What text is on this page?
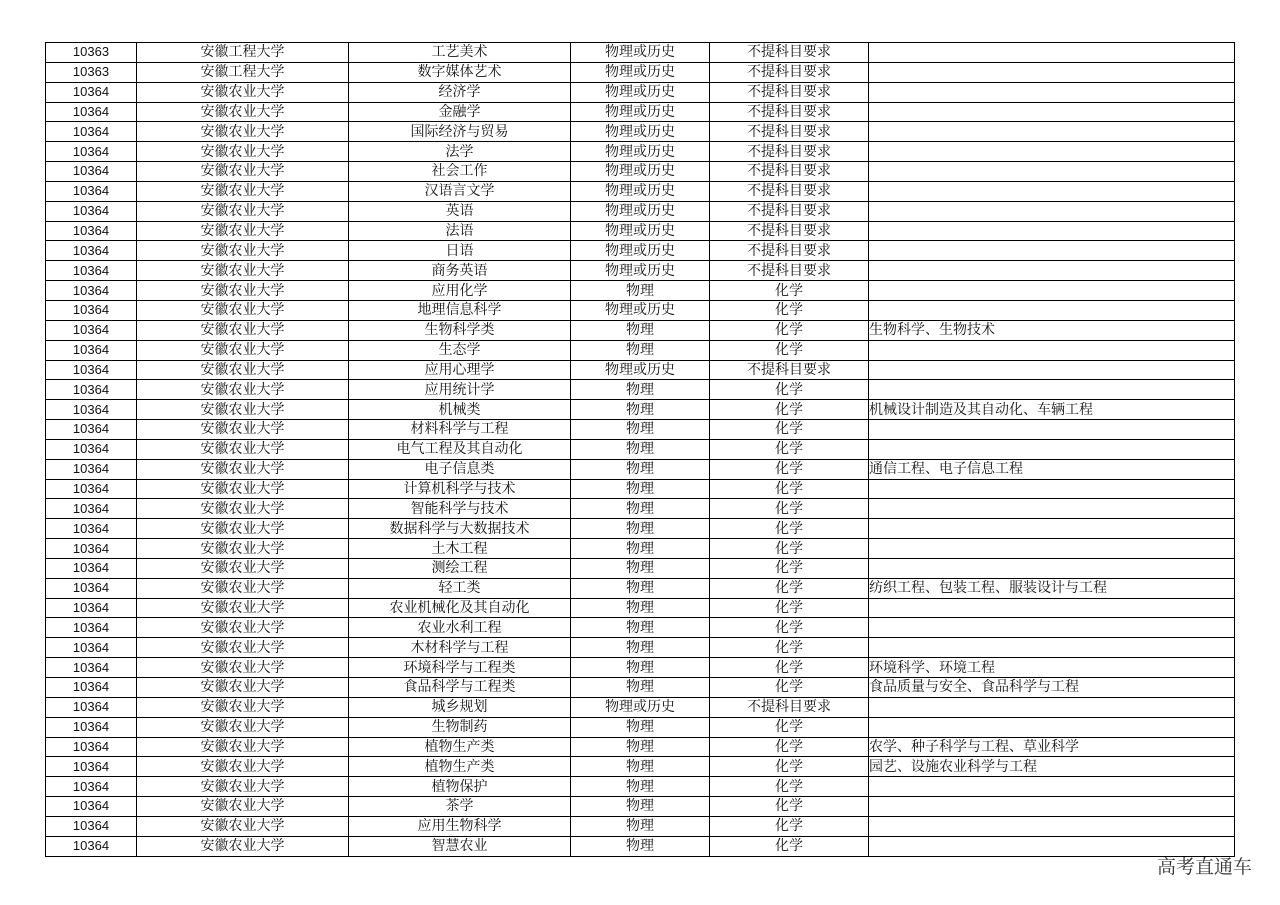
10363	安徽工程大学	工艺美术	物理或历史	不提科目要求	
10363	安徽工程大学	数字媒体艺术	物理或历史	不提科目要求	
10364	安徽农业大学	经济学	物理或历史	不提科目要求	
10364	安徽农业大学	金融学	物理或历史	不提科目要求	
10364	安徽农业大学	国际经济与贸易	物理或历史	不提科目要求	
10364	安徽农业大学	法学	物理或历史	不提科目要求	
10364	安徽农业大学	社会工作	物理或历史	不提科目要求	
10364	安徽农业大学	汉语言文学	物理或历史	不提科目要求	
10364	安徽农业大学	英语	物理或历史	不提科目要求	
10364	安徽农业大学	法语	物理或历史	不提科目要求	
10364	安徽农业大学	日语	物理或历史	不提科目要求	
10364	安徽农业大学	商务英语	物理或历史	不提科目要求	
10364	安徽农业大学	应用化学	物理	化学	
10364	安徽农业大学	地理信息科学	物理或历史	化学	
10364	安徽农业大学	生物科学类	物理	化学	生物科学、生物技术
10364	安徽农业大学	生态学	物理	化学	
10364	安徽农业大学	应用心理学	物理或历史	不提科目要求	
10364	安徽农业大学	应用统计学	物理	化学	
10364	安徽农业大学	机械类	物理	化学	机械设计制造及其自动化、车辆工程
10364	安徽农业大学	材料科学与工程	物理	化学	
10364	安徽农业大学	电气工程及其自动化	物理	化学	
10364	安徽农业大学	电子信息类	物理	化学	通信工程、电子信息工程
10364	安徽农业大学	计算机科学与技术	物理	化学	
10364	安徽农业大学	智能科学与技术	物理	化学	
10364	安徽农业大学	数据科学与大数据技术	物理	化学	
10364	安徽农业大学	土木工程	物理	化学	
10364	安徽农业大学	测绘工程	物理	化学	
10364	安徽农业大学	轻工类	物理	化学	纺织工程、包装工程、服装设计与工程
10364	安徽农业大学	农业机械化及其自动化	物理	化学	
10364	安徽农业大学	农业水利工程	物理	化学	
10364	安徽农业大学	木材科学与工程	物理	化学	
10364	安徽农业大学	环境科学与工程类	物理	化学	环境科学、环境工程
10364	安徽农业大学	食品科学与工程类	物理	化学	食品质量与安全、食品科学与工程
10364	安徽农业大学	城乡规划	物理或历史	不提科目要求	
10364	安徽农业大学	生物制药	物理	化学	
10364	安徽农业大学	植物生产类	物理	化学	农学、种子科学与工程、草业科学
10364	安徽农业大学	植物生产类	物理	化学	园艺、设施农业科学与工程
10364	安徽农业大学	植物保护	物理	化学	
10364	安徽农业大学	茶学	物理	化学	
10364	安徽农业大学	应用生物科学	物理	化学	
10364	安徽农业大学	智慧农业	物理	化学	
高考直通车
